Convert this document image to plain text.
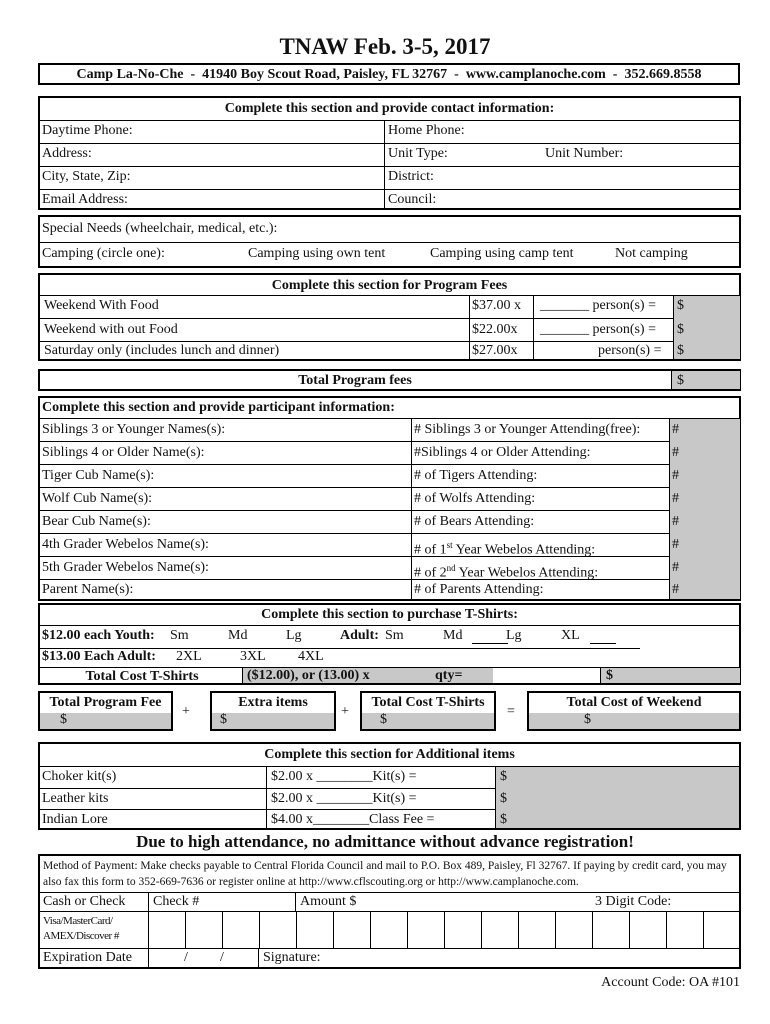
TNAW Feb. 3-5, 2017
Camp La-No-Che  -  41940 Boy Scout Road, Paisley, FL 32767  -  www.camplanoche.com  -  352.669.8558
Complete this section and provide contact information:
Daytime Phone:	Home Phone:
Address:	Unit Type:	Unit Number:
City, State, Zip:	District:
Email Address:	Council:
Special Needs (wheelchair, medical, etc.):
Camping (circle one):	Camping using own tent	Camping using camp tent	Not camping
Complete this section for Program Fees
Weekend With Food	$37.00 x	_______ person(s) =	$
Weekend with out Food	$22.00x	_______ person(s) =	$
Saturday only (includes lunch and dinner)	$27.00x	person(s) =	$
Total Program fees	$
Complete this section and provide participant information:
Siblings 3 or Younger Names(s):	# Siblings 3 or Younger Attending(free):	#
Siblings 4 or Older Name(s):	#Siblings 4 or Older Attending:	#
Tiger Cub Name(s):	# of Tigers Attending:	#
Wolf Cub Name(s):	# of Wolfs Attending:	#
Bear Cub Name(s):	# of Bears Attending:	#
4th Grader Webelos Name(s):	# of 1st Year Webelos Attending:	#
5th Grader Webelos Name(s):	# of 2nd Year Webelos Attending:	#
Parent Name(s):	# of Parents Attending:	#
Complete this section to purchase T-Shirts:
$12.00 each Youth:	Sm	Md	Lg	Adult: Sm	Md	Lg	XL
$13.00 Each Adult:	2XL	3XL	4XL
Total Cost T-Shirts	($12.00), or (13.00) x	qty=	$
Total Program Fee
$
+
Extra items
$
+
Total Cost T-Shirts
$
=
Total Cost of Weekend
$
Complete this section for Additional items
Choker kit(s)	$2.00 x ________Kit(s) =	$
Leather kits	$2.00 x ________Kit(s) =	$
Indian Lore	$4.00 x________Class Fee =	$
Due to high attendance, no admittance without advance registration!
Method of Payment: Make checks payable to Central Florida Council and mail to P.O. Box 489, Paisley, Fl 32767. If paying by credit card, you may also fax this form to 352-669-7636 or register online at http://www.cflscouting.org or http://www.camplanoche.com.
Cash or Check	Check #	Amount $	3 Digit Code:
Visa/MasterCard/
AMEX/Discover #
Expiration Date	/	/	Signature:
Account Code: OA #101
